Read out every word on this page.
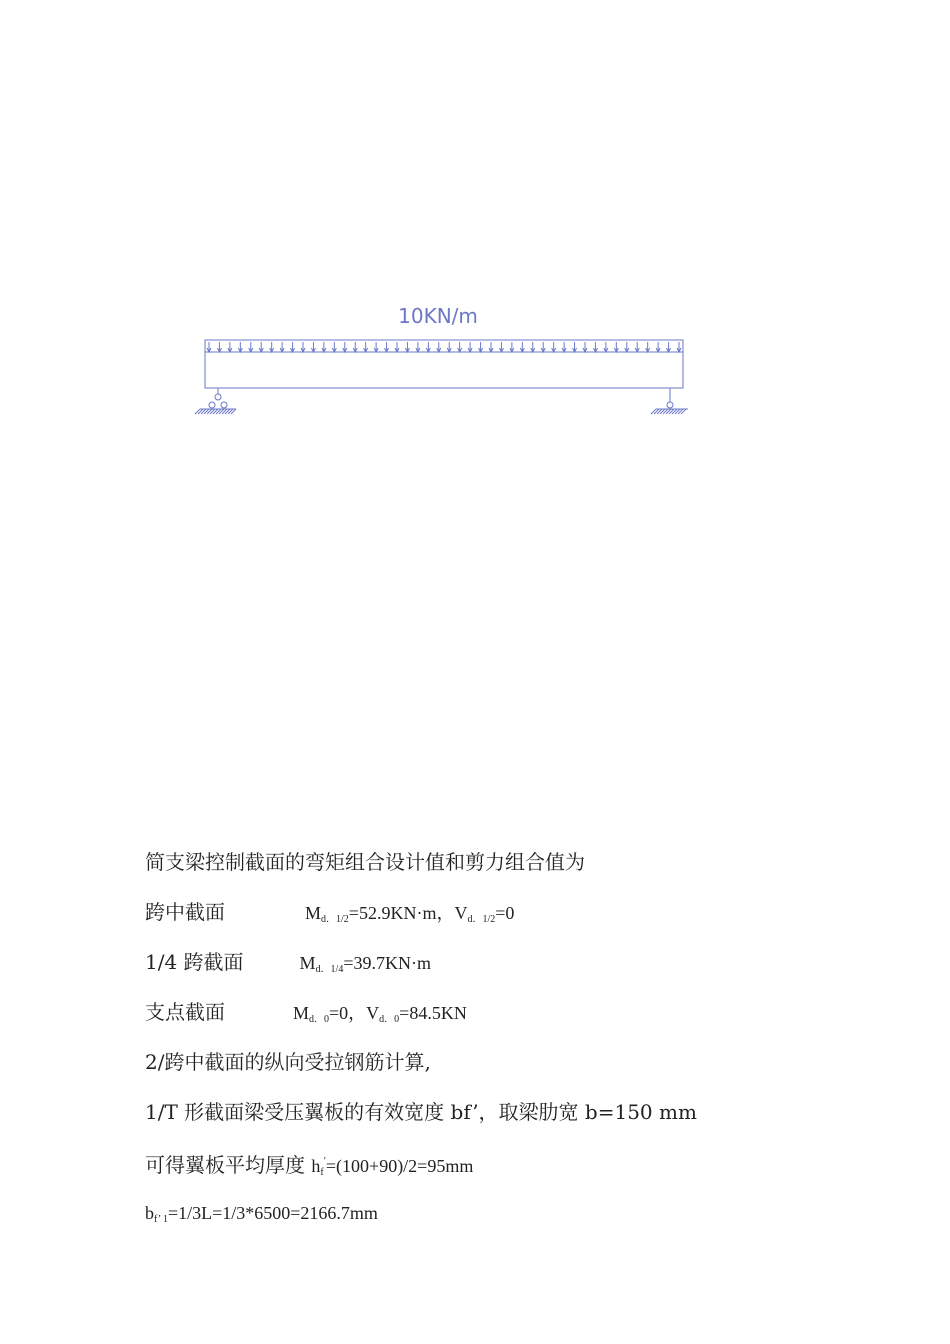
10KN/m
简支梁控制截面的弯矩组合设计值和剪力组合值为
跨中截面	$M_{d.1/2}=52.9KN\cdot m$，$V_{d.1/2}=0$
1/4 跨截面	$M_{d.1/4}=39.7KN\cdot m$
支点截面	$M_{d.0}=0$，$V_{d.0}=84.5KN$
2/跨中截面的纵向受拉钢筋计算,
1/T 形截面梁受压翼板的有效宽度 bf’，取梁肋宽 b=150 mm
可得翼板平均厚度 $h_f'=(100+90)/2=95mm$
$b_{f’ 1}=1/3L=1/3*6500=2166.7mm$
